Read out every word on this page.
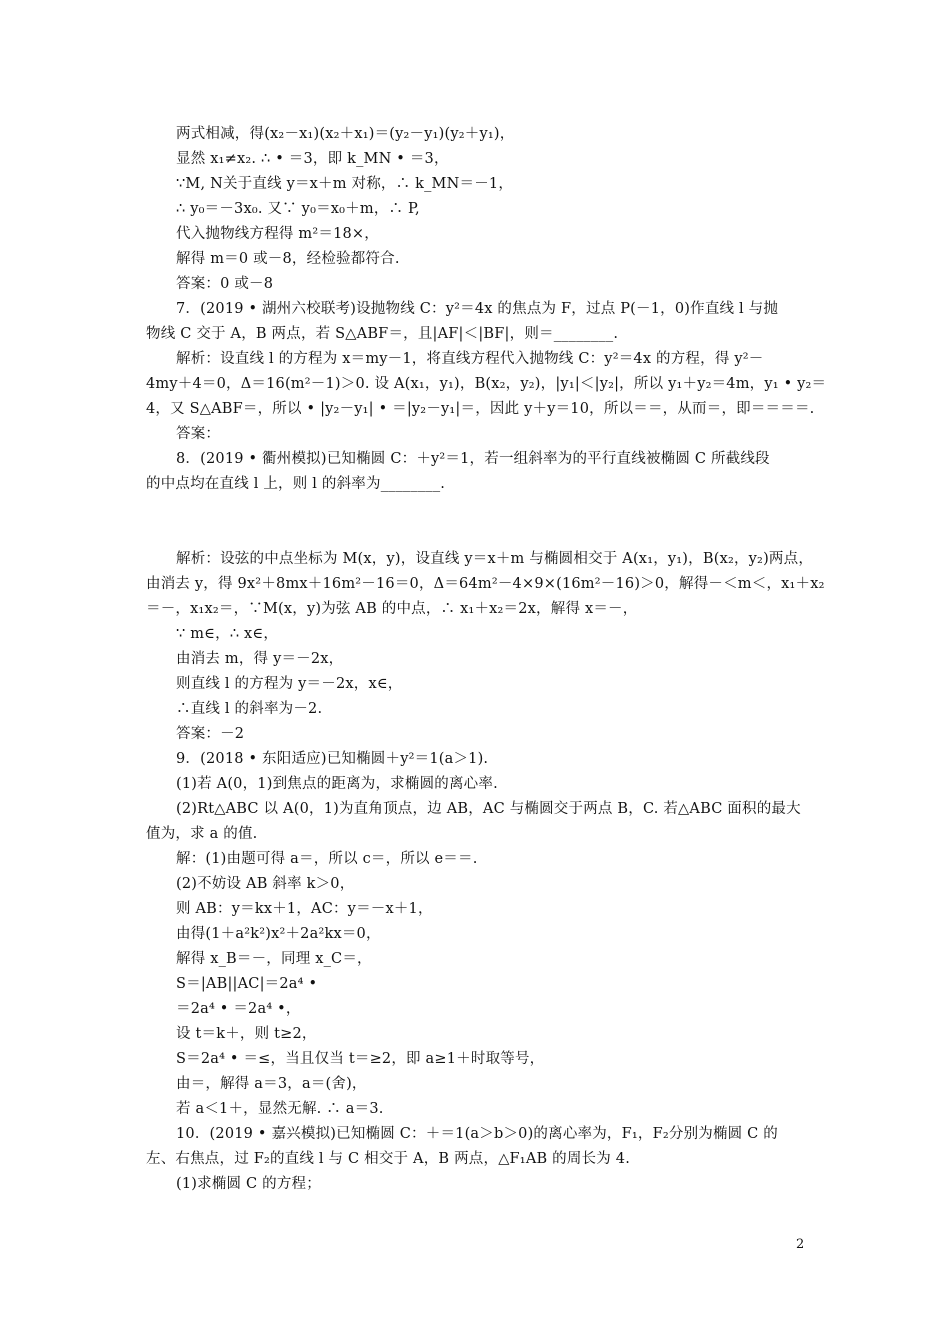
两式相减，得(x₂－x₁)(x₂＋x₁)＝(y₂－y₁)(y₂＋y₁)，
显然 x₁≠x₂. ∴ • ＝3，即 k_MN • ＝3，
∵M, N关于直线 y＝x＋m 对称，∴ k_MN＝－1，
∴ y₀＝－3x₀. 又∵ y₀＝x₀＋m，∴ P,
代入抛物线方程得 m²＝18×，
解得 m＝0 或－8，经检验都符合.
答案：0 或－8
7．(2019 • 湖州六校联考)设抛物线 C：y²＝4x 的焦点为 F，过点 P(－1，0)作直线 l 与抛
物线 C 交于 A，B 两点，若 S△ABF＝，且|AF|＜|BF|，则＝________.
解析：设直线 l 的方程为 x＝my－1，将直线方程代入抛物线 C：y²＝4x 的方程，得 y²－
4my＋4＝0，Δ＝16(m²－1)＞0. 设 A(x₁，y₁)，B(x₂，y₂)，|y₁|＜|y₂|，所以 y₁＋y₂＝4m，y₁ • y₂＝
4，又 S△ABF＝，所以 • |y₂－y₁| • ＝|y₂－y₁|＝，因此 y＋y＝10，所以＝＝，从而＝，即＝＝＝＝.
答案：
8．(2019 • 衢州模拟)已知椭圆 C：＋y²＝1，若一组斜率为的平行直线被椭圆 C 所截线段
的中点均在直线 l 上，则 l 的斜率为________.
解析：设弦的中点坐标为 M(x，y)，设直线 y＝x＋m 与椭圆相交于 A(x₁，y₁)，B(x₂，y₂)两点，
由消去 y，得 9x²＋8mx＋16m²－16＝0，Δ＝64m²－4×9×(16m²－16)＞0，解得－＜m＜，x₁＋x₂
＝－，x₁x₂＝，∵M(x，y)为弦 AB 的中点，∴ x₁＋x₂＝2x，解得 x＝－，
∵ m∈，∴ x∈，
由消去 m，得 y＝－2x，
则直线 l 的方程为 y＝－2x，x∈，
∴直线 l 的斜率为－2.
答案：－2
9．(2018 • 东阳适应)已知椭圆＋y²＝1(a＞1).
(1)若 A(0，1)到焦点的距离为，求椭圆的离心率.
(2)Rt△ABC 以 A(0，1)为直角顶点，边 AB，AC 与椭圆交于两点 B，C. 若△ABC 面积的最大
值为，求 a 的值.
解：(1)由题可得 a＝，所以 c＝，所以 e＝＝.
(2)不妨设 AB 斜率 k＞0，
则 AB：y＝kx＋1，AC：y＝－x＋1，
由得(1＋a²k²)x²＋2a²kx＝0，
解得 x_B＝－，同理 x_C＝，
S＝|AB||AC|＝2a⁴ •
＝2a⁴ • ＝2a⁴ •，
设 t＝k＋，则 t≥2，
S＝2a⁴ • ＝≤，当且仅当 t＝≥2，即 a≥1＋时取等号，
由＝，解得 a＝3，a＝(舍)，
若 a＜1＋，显然无解. ∴ a＝3.
10．(2019 • 嘉兴模拟)已知椭圆 C：＋＝1(a＞b＞0)的离心率为，F₁，F₂分别为椭圆 C 的
左、右焦点，过 F₂的直线 l 与 C 相交于 A，B 两点，△F₁AB 的周长为 4.
(1)求椭圆 C 的方程；
2
